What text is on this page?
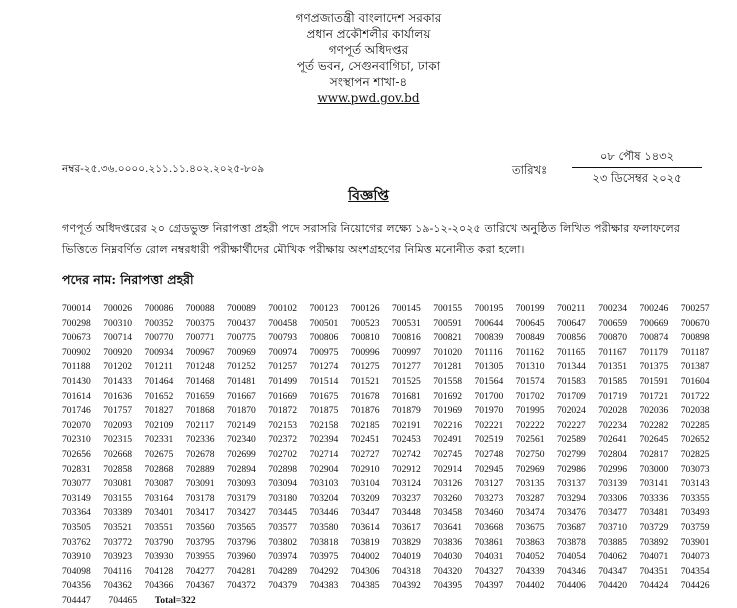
গণপ্রজাতন্ত্রী বাংলাদেশ সরকার
প্রধান প্রকৌশলীর কার্যালয়
গণপূর্ত অধিদপ্তর
পূর্ত ভবন, সেগুনবাগিচা, ঢাকা
সংস্থাপন শাখা-৪
www.pwd.gov.bd
নম্বর-২৫.৩৬.০০০০.২১১.১১.৪০২.২০২৫-৮০৯	তারিখঃ
০৮ পৌষ ১৪৩২
২৩ ডিসেম্বর ২০২৫
বিজ্ঞপ্তি
গণপূর্ত অধিদপ্তরের ২০ গ্রেডভুক্ত নিরাপত্তা প্রহরী পদে সরাসরি নিয়োগের লক্ষ্যে ১৯-১২-২০২৫ তারিখে অনুষ্ঠিত লিখিত পরীক্ষার ফলাফলের ভিত্তিতে নিম্নবর্ণিত রোল নম্বরধারী পরীক্ষার্থীদের মৌখিক পরীক্ষায় অংশগ্রহণের নিমিত্ত মনোনীত করা হলো।
পদের নাম: নিরাপত্তা প্রহরী
700014	700026	700086	700088	700089	700102	700123	700126	700145	700155	700195	700199	700211	700234	700246	700257
700298	700310	700352	700375	700437	700458	700501	700523	700531	700591	700644	700645	700647	700659	700669	700670
700673	700714	700770	700771	700775	700793	700806	700810	700816	700821	700839	700849	700856	700870	700874	700898
700902	700920	700934	700967	700969	700974	700975	700996	700997	701020	701116	701162	701165	701167	701179	701187
701188	701202	701211	701248	701252	701257	701274	701275	701277	701281	701305	701310	701344	701351	701375	701387
701430	701433	701464	701468	701481	701499	701514	701521	701525	701558	701564	701574	701583	701585	701591	701604
701614	701636	701652	701659	701667	701669	701675	701678	701681	701692	701700	701702	701709	701719	701721	701722
701746	701757	701827	701868	701870	701872	701875	701876	701879	701969	701970	701995	702024	702028	702036	702038
702070	702093	702109	702117	702149	702153	702158	702185	702191	702216	702221	702222	702227	702234	702282	702285
702310	702315	702331	702336	702340	702372	702394	702451	702453	702491	702519	702561	702589	702641	702645	702652
702656	702668	702675	702678	702699	702702	702714	702727	702742	702745	702748	702750	702799	702804	702817	702825
702831	702858	702868	702889	702894	702898	702904	702910	702912	702914	702945	702969	702986	702996	703000	703073
703077	703081	703087	703091	703093	703094	703103	703104	703124	703126	703127	703135	703137	703139	703141	703143
703149	703155	703164	703178	703179	703180	703204	703209	703237	703260	703273	703287	703294	703306	703336	703355
703364	703389	703401	703417	703427	703445	703446	703447	703448	703458	703460	703474	703476	703477	703481	703493
703505	703521	703551	703560	703565	703577	703580	703614	703617	703641	703668	703675	703687	703710	703729	703759
703762	703772	703790	703795	703796	703802	703818	703819	703829	703836	703861	703863	703878	703885	703892	703901
703910	703923	703930	703955	703960	703974	703975	704002	704019	704030	704031	704052	704054	704062	704071	704073
704098	704116	704128	704277	704281	704289	704292	704306	704318	704320	704327	704339	704346	704347	704351	704354
704356	704362	704366	704367	704372	704379	704383	704385	704392	704395	704397	704402	704406	704420	704424	704426
704447	704465	Total=322
